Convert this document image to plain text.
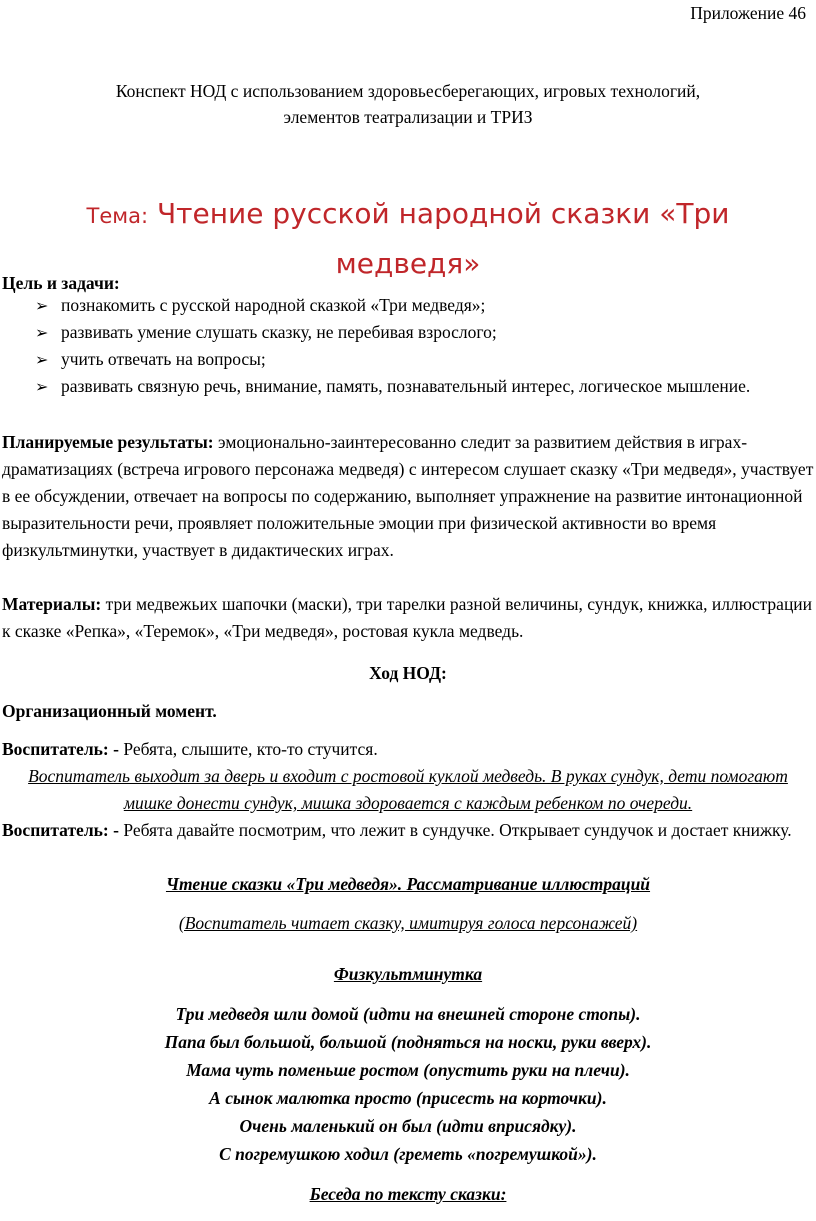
Приложение 46
Конспект НОД с использованием здоровьесберегающих, игровых технологий,
элементов театрализации и ТРИЗ
Тема: Чтение русской народной сказки «Три
медведя»
Цель и задачи:
➢ познакомить с русской народной сказкой «Три медведя»;
➢ развивать умение слушать сказку, не перебивая взрослого;
➢ учить отвечать на вопросы;
➢ развивать связную речь, внимание, память, познавательный интерес, логическое мышление.
Планируемые результаты: эмоционально-заинтересованно следит за развитием действия в играх-драматизациях (встреча игрового персонажа медведя) с интересом слушает сказку «Три медведя», участвует в ее обсуждении, отвечает на вопросы по содержанию, выполняет упражнение на развитие интонационной выразительности речи, проявляет положительные эмоции при физической активности во время физкультминутки, участвует в дидактических играх.
Материалы: три медвежьих шапочки (маски), три тарелки разной величины, сундук, книжка, иллюстрации к сказке «Репка», «Теремок», «Три медведя», ростовая кукла медведь.
Ход НОД:
Организационный момент.
Воспитатель: - Ребята, слышите, кто-то стучится.
Воспитатель выходит за дверь и входит с ростовой куклой медведь. В руках сундук, дети помогают мишке донести сундук, мишка здоровается с каждым ребенком по очереди.
Воспитатель: - Ребята давайте посмотрим, что лежит в сундучке. Открывает сундучок и достает книжку.
Чтение сказки «Три медведя». Рассматривание иллюстраций
(Воспитатель читает сказку, имитируя голоса персонажей)
Физкультминутка
Три медведя шли домой (идти на внешней стороне стопы).
Папа был большой, большой (подняться на носки, руки вверх).
Мама чуть поменьше ростом (опустить руки на плечи).
А сынок малютка просто (присесть на корточки).
Очень маленький он был (идти вприсядку).
С погремушкою ходил (греметь «погремушкой»).
Беседа по тексту сказки:
